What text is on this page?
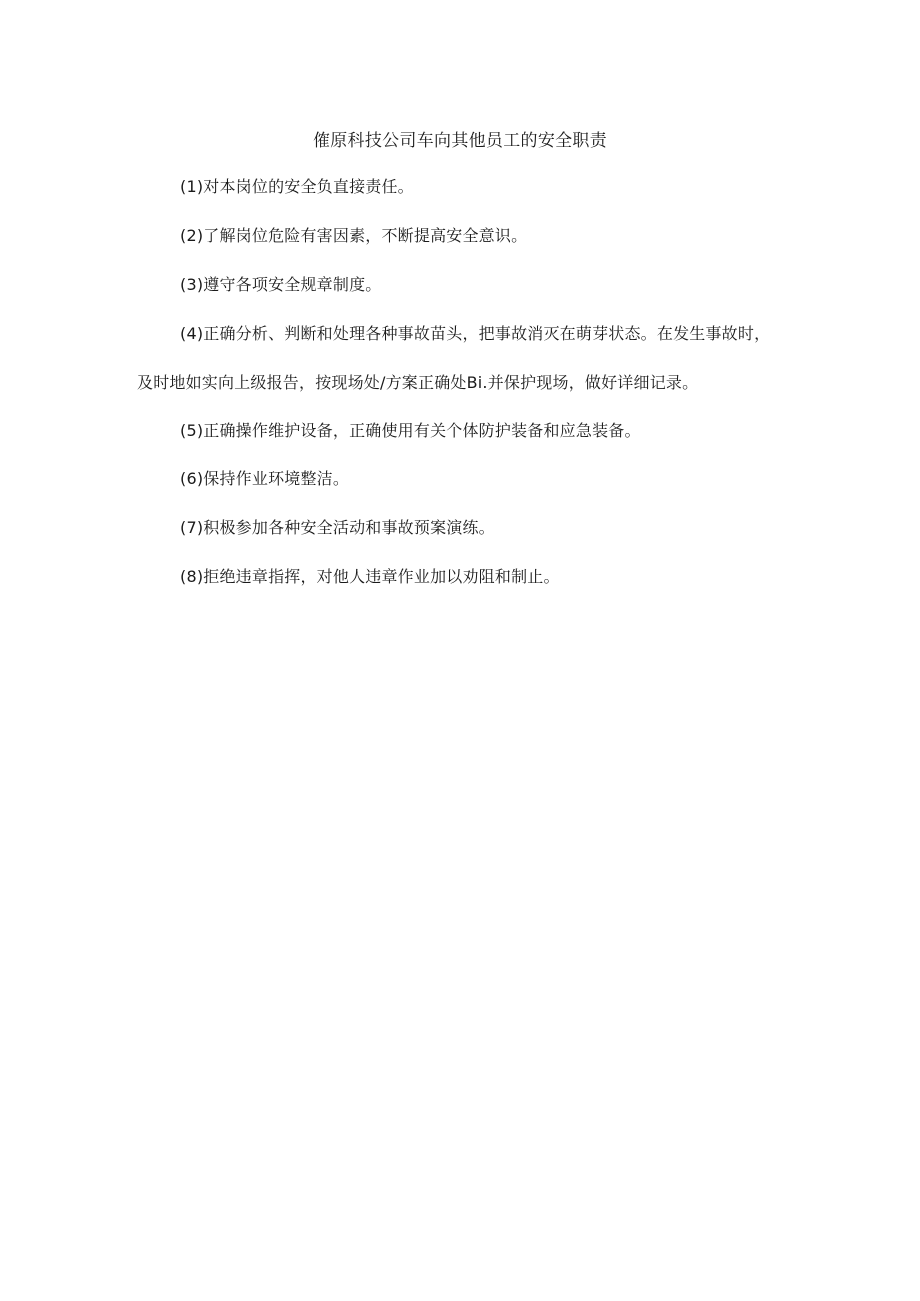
傕原科技公司车向其他员工的安全职责
(1)对本岗位的安全负直接责任。
(2)了解岗位危险有害因素，不断提高安全意识。
(3)遵守各项安全规章制度。
(4)正确分析、判断和处理各种事故苗头，把事故消灭在萌芽状态。在发生事故时，
及时地如实向上级报告，按现场处/方案正确处Bi.并保护现场，做好详细记录。
(5)正确操作维护设备，正确使用有关个体防护装备和应急装备。
(6)保持作业环境整洁。
(7)积极参加各种安全活动和事故预案演练。
(8)拒绝违章指挥，对他人违章作业加以劝阻和制止。
